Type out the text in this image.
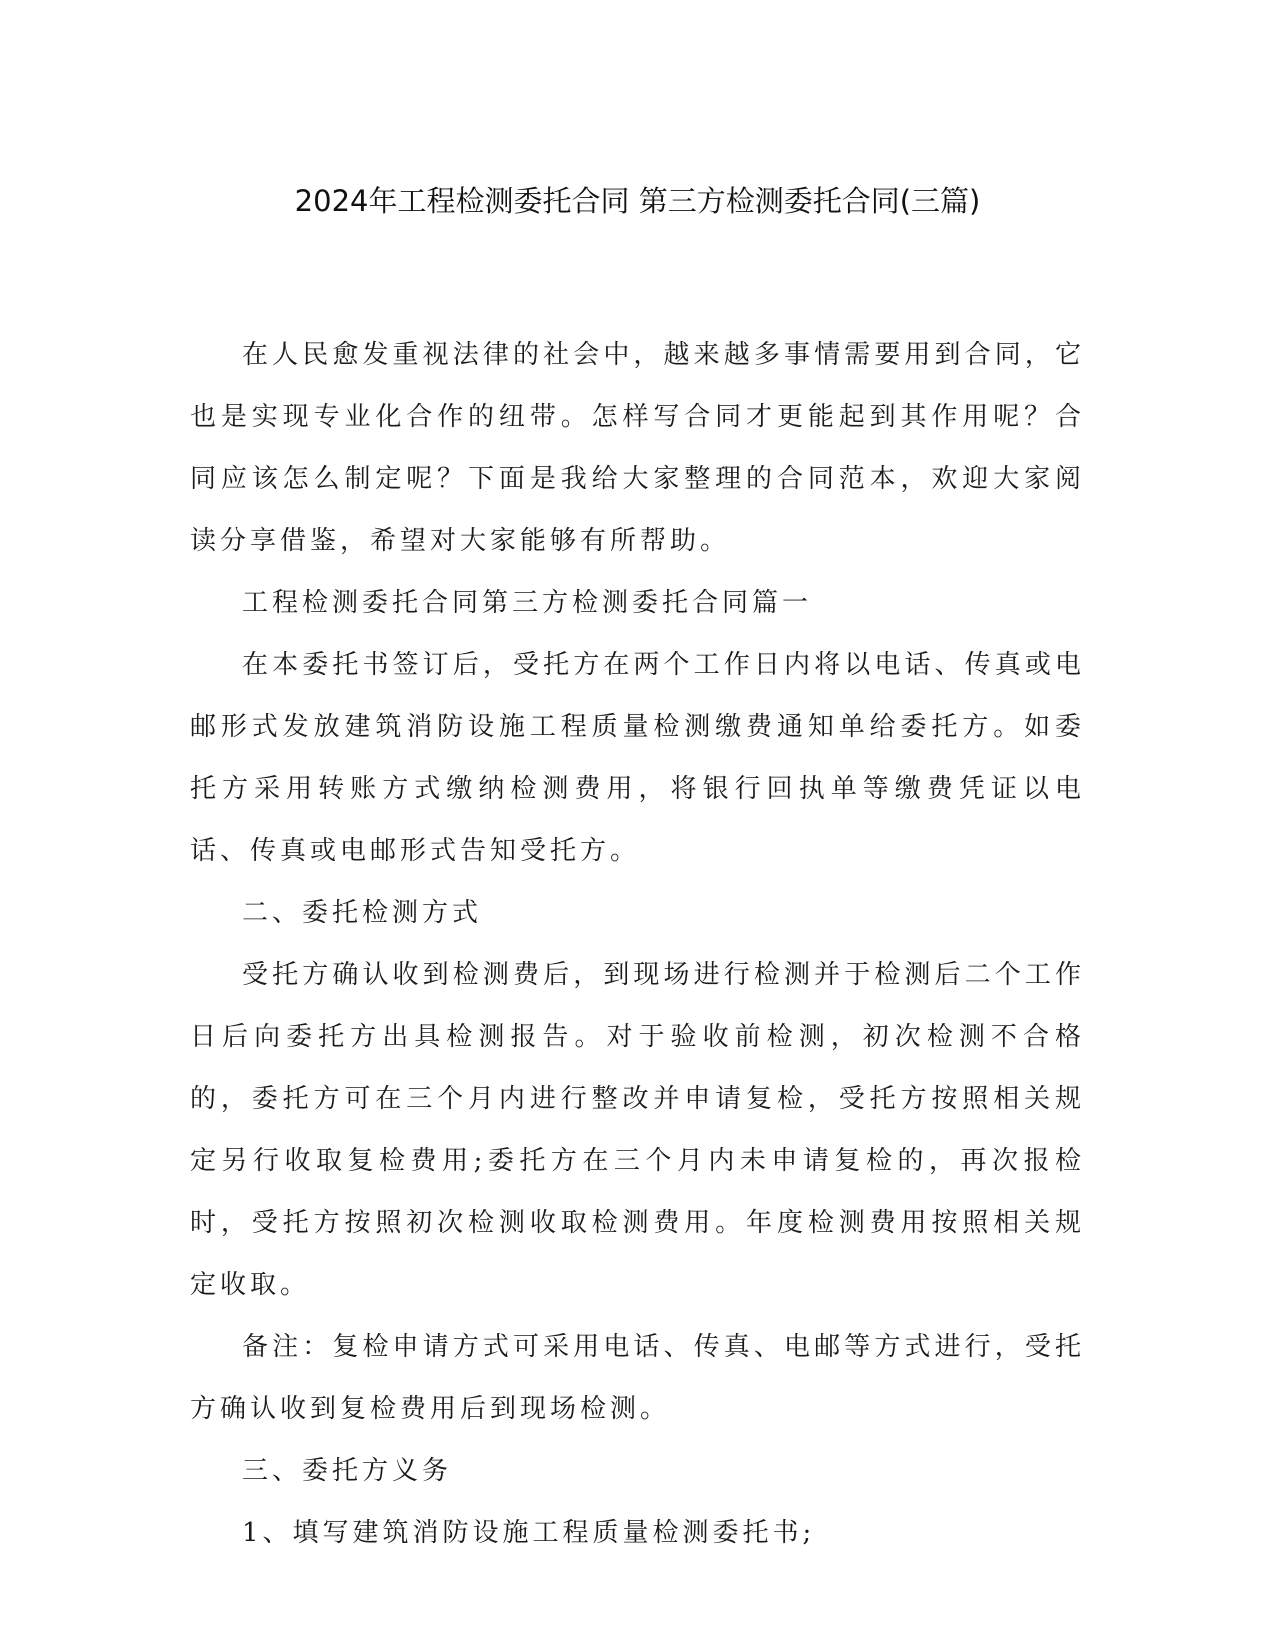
2024年工程检测委托合同 第三方检测委托合同(三篇)

在人民愈发重视法律的社会中，越来越多事情需要用到合同，它也是实现专业化合作的纽带。怎样写合同才更能起到其作用呢？合同应该怎么制定呢？下面是我给大家整理的合同范本，欢迎大家阅读分享借鉴，希望对大家能够有所帮助。

工程检测委托合同第三方检测委托合同篇一

在本委托书签订后，受托方在两个工作日内将以电话、传真或电邮形式发放建筑消防设施工程质量检测缴费通知单给委托方。如委托方采用转账方式缴纳检测费用，将银行回执单等缴费凭证以电话、传真或电邮形式告知受托方。

二、委托检测方式

受托方确认收到检测费后，到现场进行检测并于检测后二个工作日后向委托方出具检测报告。对于验收前检测，初次检测不合格的，委托方可在三个月内进行整改并申请复检，受托方按照相关规定另行收取复检费用;委托方在三个月内未申请复检的，再次报检时，受托方按照初次检测收取检测费用。年度检测费用按照相关规定收取。

备注：复检申请方式可采用电话、传真、电邮等方式进行，受托方确认收到复检费用后到现场检测。

三、委托方义务

1、填写建筑消防设施工程质量检测委托书;
